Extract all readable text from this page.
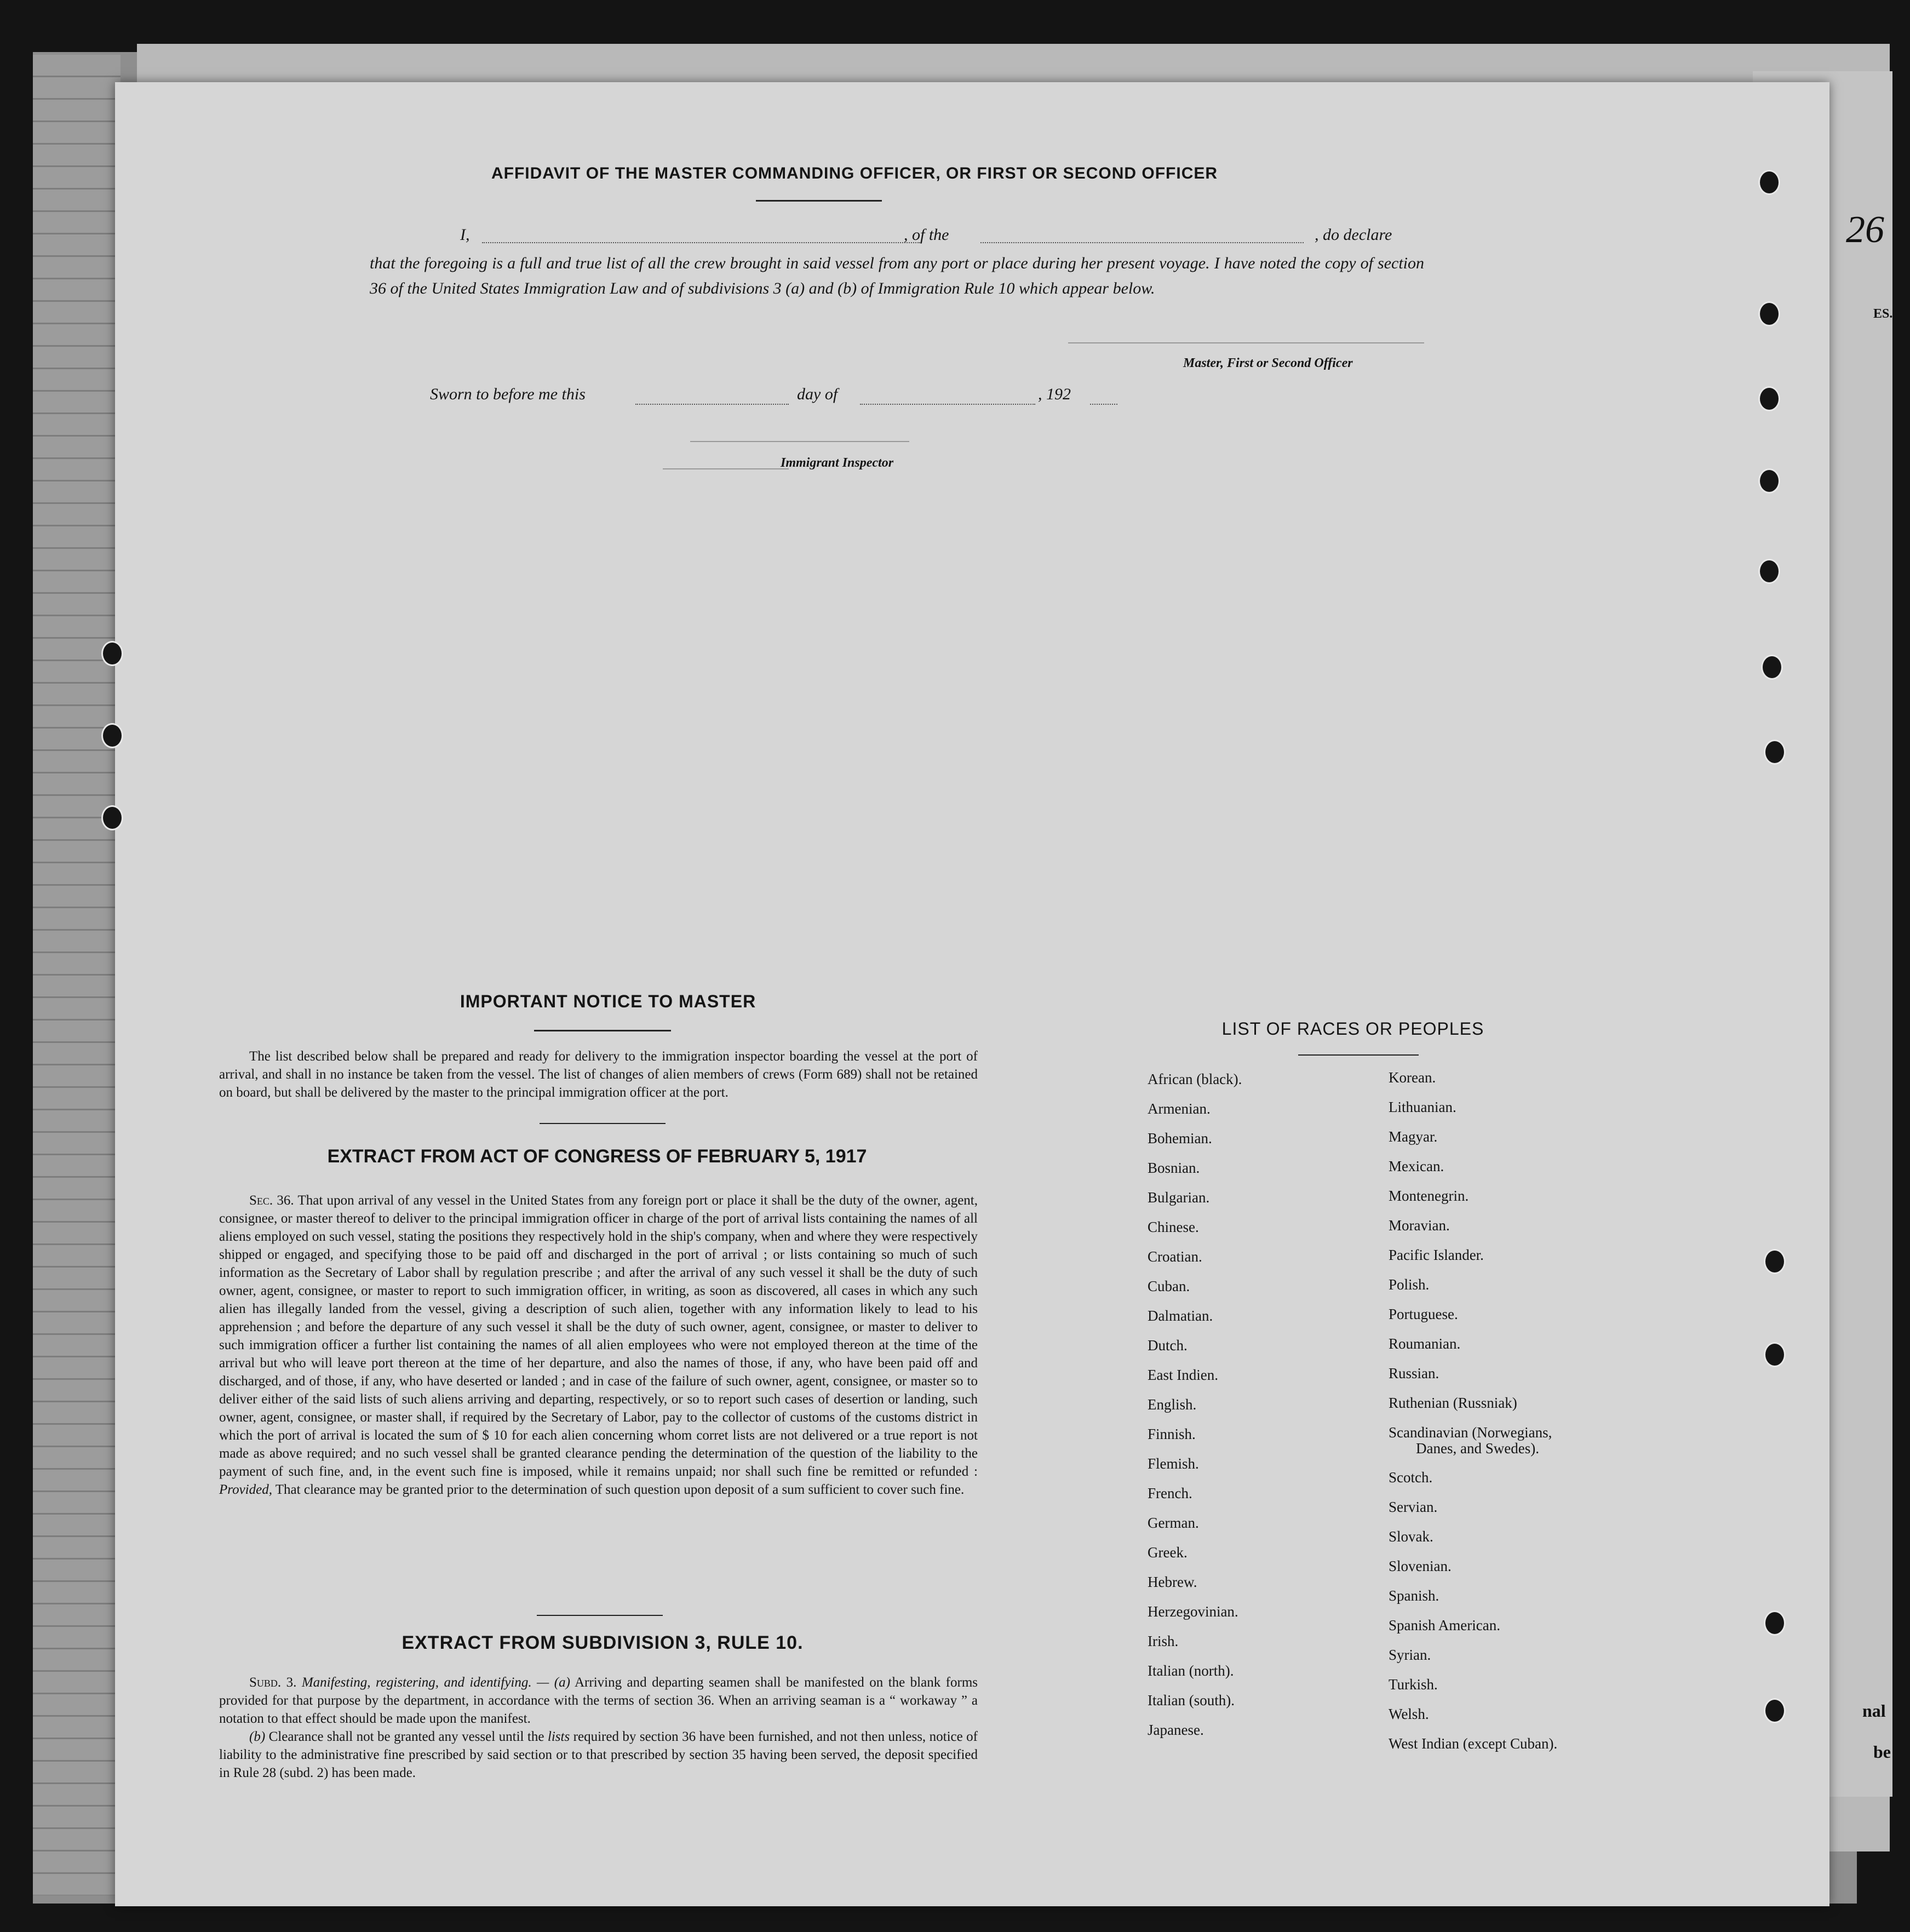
26
ES.
nal
be
AFFIDAVIT OF THE MASTER COMMANDING OFFICER, OR FIRST OR SECOND OFFICER
I,	, of the	, do declare
that the foregoing is a full and true list of all the crew brought in said vessel from any port or place during her present voyage. I have noted the copy of section 36 of the United States Immigration Law and of subdivisions 3 (a) and (b) of Immigration Rule 10 which appear below.
Master, First or Second Officer
Sworn to before me this	day of	, 192
Immigrant Inspector
IMPORTANT NOTICE TO MASTER
The list described below shall be prepared and ready for delivery to the immigration inspector boarding the vessel at the port of arrival, and shall in no instance be taken from the vessel. The list of changes of alien members of crews (Form 689) shall not be retained on board, but shall be delivered by the master to the principal immigration officer at the port.
EXTRACT FROM ACT OF CONGRESS OF FEBRUARY 5, 1917

Sec. 36. That upon arrival of any vessel in the United States from any foreign port or place it shall be the duty of the owner, agent, consignee, or master thereof to deliver to the principal immigration officer in charge of the port of arrival lists containing the names of all aliens employed on such vessel, stating the positions they respectively hold in the ship's company, when and where they were respectively shipped or engaged, and specifying those to be paid off and discharged in the port of arrival ; or lists containing so much of such information as the Secretary of Labor shall by regulation prescribe ; and after the arrival of any such vessel it shall be the duty of such owner, agent, consignee, or master to report to such immigration officer, in writing, as soon as discovered, all cases in which any such alien has illegally landed from the vessel, giving a description of such alien, together with any information likely to lead to his apprehension ; and before the departure of any such vessel it shall be the duty of such owner, agent, consignee, or master to deliver to such immigration officer a further list containing the names of all alien employees who were not employed thereon at the time of the arrival but who will leave port thereon at the time of her departure, and also the names of those, if any, who have been paid off and discharged, and of those, if any, who have deserted or landed ; and in case of the failure of such owner, agent, consignee, or master so to deliver either of the said lists of such aliens arriving and departing, respectively, or so to report such cases of desertion or landing, such owner, agent, consignee, or master shall, if required by the Secretary of Labor, pay to the collector of customs of the customs district in which the port of arrival is located the sum of $ 10 for each alien concerning whom corret lists are not delivered or a true report is not made as above required; and no such vessel shall be granted clearance pending the determination of the question of the liability to the payment of such fine, and, in the event such fine is imposed, while it remains unpaid; nor shall such fine be remitted or refunded : Provided, That clearance may be granted prior to the determination of such question upon deposit of a sum sufficient to cover such fine.

EXTRACT FROM SUBDIVISION 3, RULE 10.

Subd. 3. Manifesting, registering, and identifying. — (a) Arriving and departing seamen shall be manifested on the blank forms provided for that purpose by the department, in accordance with the terms of section 36. When an arriving seaman is a “ workaway ” a notation to that effect should be made upon the manifest.

(b) Clearance shall not be granted any vessel until the lists required by section 36 have been furnished, and not then unless, notice of liability to the administrative fine prescribed by said section or to that prescribed by section 35 having been served, the deposit specified in Rule 28 (subd. 2) has been made.

LIST OF RACES OR PEOPLES
African (black).
Armenian.
Bohemian.
Bosnian.
Bulgarian.
Chinese.
Croatian.
Cuban.
Dalmatian.
Dutch.
East Indien.
English.
Finnish.
Flemish.
French.
German.
Greek.
Hebrew.
Herzegovinian.
Irish.
Italian (north).
Italian (south).
Japanese.
Korean.
Lithuanian.
Magyar.
Mexican.
Montenegrin.
Moravian.
Pacific Islander.
Polish.
Portuguese.
Roumanian.
Russian.
Ruthenian (Russniak)
Scandinavian (Norwegians,
Danes, and Swedes).
Scotch.
Servian.
Slovak.
Slovenian.
Spanish.
Spanish American.
Syrian.
Turkish.
Welsh.
West Indian (except Cuban).
